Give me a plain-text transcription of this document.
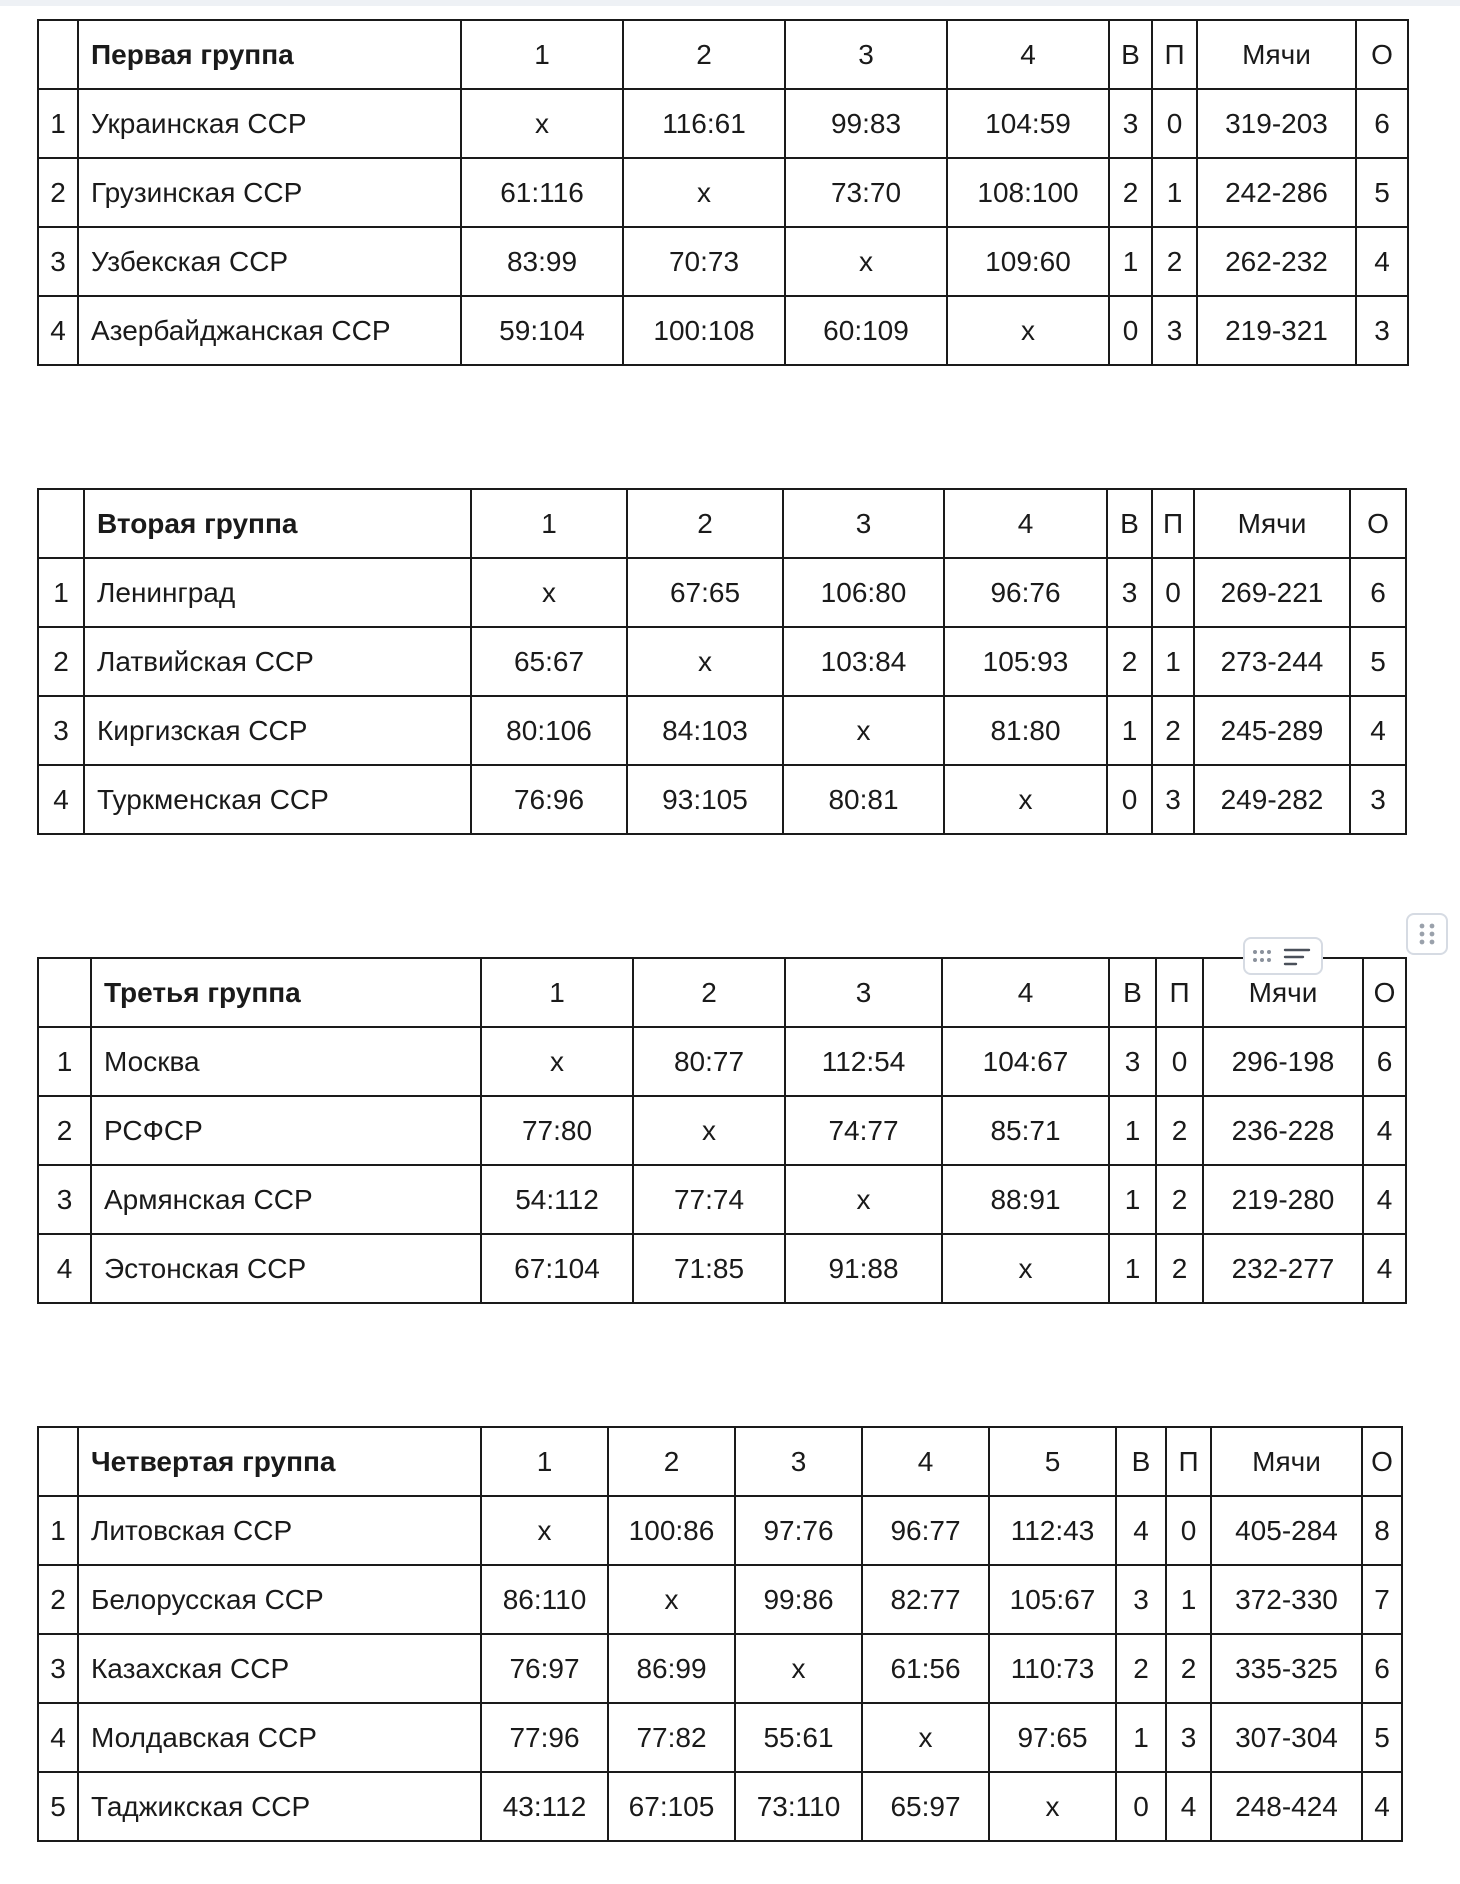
	Первая группа	1	2	3	4	В	П	Мячи	О
1	Украинская ССР	x	116:61	99:83	104:59	3	0	319-203	6
2	Грузинская ССР	61:116	x	73:70	108:100	2	1	242-286	5
3	Узбекская ССР	83:99	70:73	x	109:60	1	2	262-232	4
4	Азербайджанская ССР	59:104	100:108	60:109	x	0	3	219-321	3
	Вторая группа	1	2	3	4	В	П	Мячи	О
1	Ленинград	x	67:65	106:80	96:76	3	0	269-221	6
2	Латвийская ССР	65:67	x	103:84	105:93	2	1	273-244	5
3	Киргизская ССР	80:106	84:103	x	81:80	1	2	245-289	4
4	Туркменская ССР	76:96	93:105	80:81	x	0	3	249-282	3
	Третья группа	1	2	3	4	В	П	Мячи	О
1	Москва	x	80:77	112:54	104:67	3	0	296-198	6
2	РСФСР	77:80	x	74:77	85:71	1	2	236-228	4
3	Армянская ССР	54:112	77:74	x	88:91	1	2	219-280	4
4	Эстонская ССР	67:104	71:85	91:88	x	1	2	232-277	4
	Четвертая группа	1	2	3	4	5	В	П	Мячи	О
1	Литовская ССР	x	100:86	97:76	96:77	112:43	4	0	405-284	8
2	Белорусская ССР	86:110	x	99:86	82:77	105:67	3	1	372-330	7
3	Казахская ССР	76:97	86:99	x	61:56	110:73	2	2	335-325	6
4	Молдавская ССР	77:96	77:82	55:61	x	97:65	1	3	307-304	5
5	Таджикская ССР	43:112	67:105	73:110	65:97	x	0	4	248-424	4
